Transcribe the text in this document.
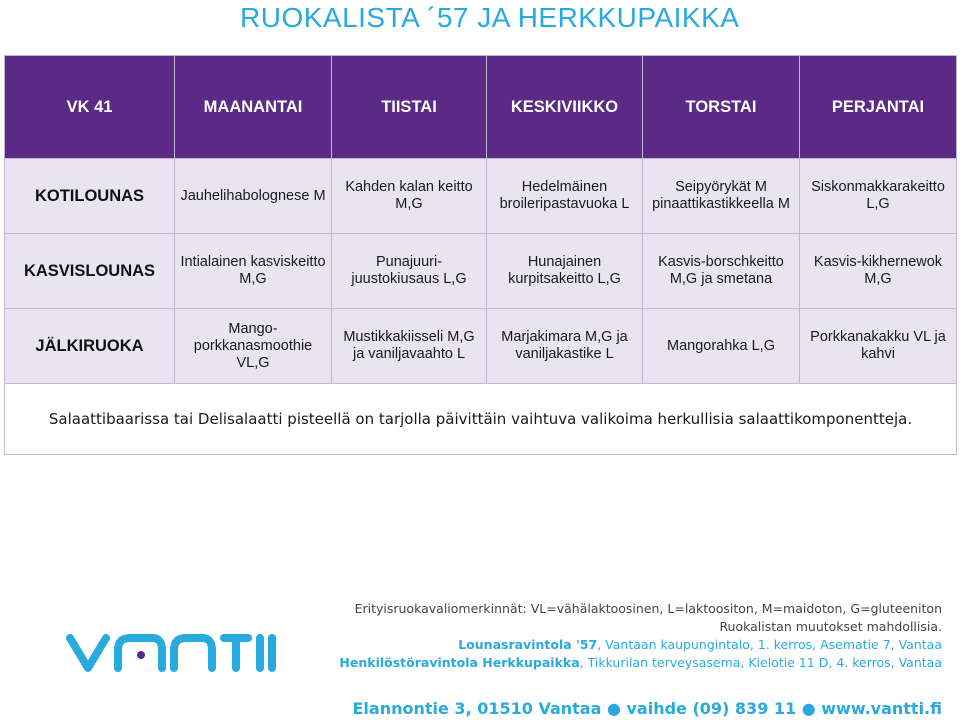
RUOKALISTA ´57 JA HERKKUPAIKKA
VK 41	MAANANTAI	TIISTAI	KESKIVIIKKO	TORSTAI	PERJANTAI
KOTILOUNAS	Jauhelihabolognese M	Kahden kalan keitto M,G	Hedelmäinen broileripastavuoka L	Seipyörykät M pinaattikastikkeella M	Siskonmakkarakeitto L,G
KASVISLOUNAS	Intialainen kasviskeitto M,G	Punajuuri-juustokiusaus L,G	Hunajainen kurpitsakeitto L,G	Kasvis-borschkeitto M,G ja smetana	Kasvis-kikhernewok M,G
JÄLKIRUOKA	Mango-porkkanasmoothie VL,G	Mustikkakiisseli M,G ja vaniljavaahto L	Marjakimara M,G ja vaniljakastike L	Mangorahka L,G	Porkkanakakku VL ja kahvi
Salaattibaarissa tai Delisalaatti pisteellä on tarjolla päivittäin vaihtuva valikoima herkullisia salaattikomponentteja.					
Erityisruokavaliomerkinnät: VL=vähälaktoosinen, L=laktoositon, M=maidoton, G=gluteeniton
Ruokalistan muutokset mahdollisia.
Lounasravintola '57, Vantaan kaupungintalo, 1. kerros, Asematie 7, Vantaa
Henkilöstöravintola Herkkupaikka, Tikkurilan terveysasema, Kielotie 11 D, 4. kerros, Vantaa
Elannontie 3, 01510 Vantaa ● vaihde (09) 839 11 ● www.vantti.fi
